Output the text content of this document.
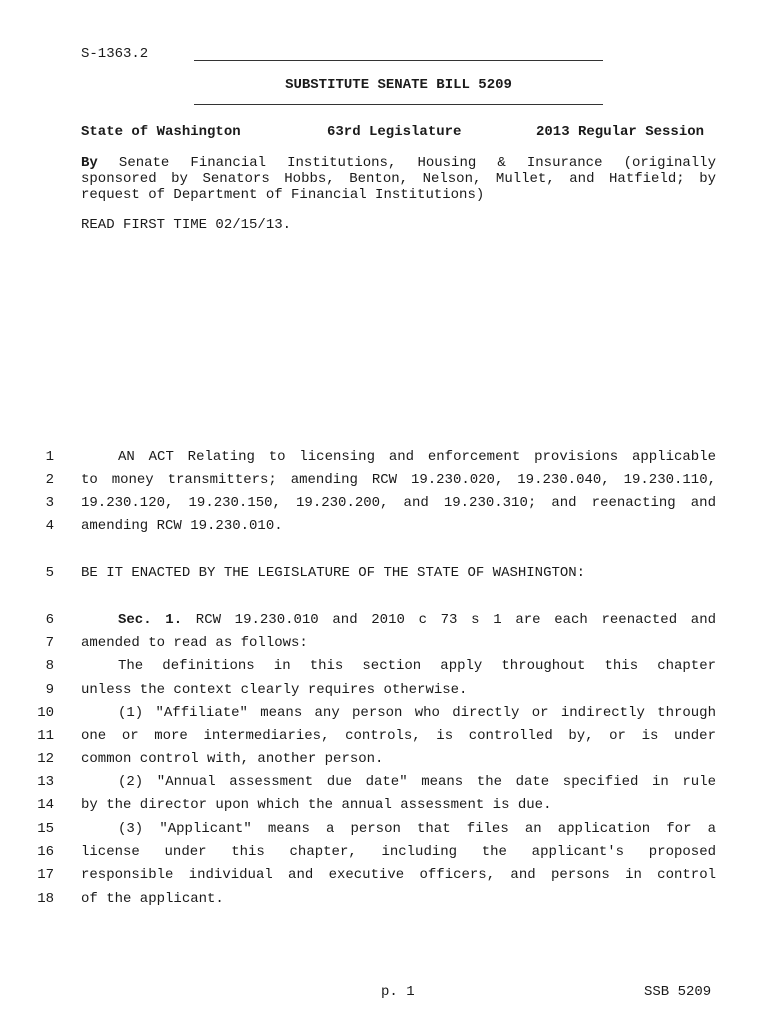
S-1363.2
SUBSTITUTE SENATE BILL 5209
State of Washington	63rd Legislature	2013 Regular Session
By Senate Financial Institutions, Housing & Insurance (originally
sponsored by Senators Hobbs, Benton, Nelson, Mullet, and Hatfield; by
request of Department of Financial Institutions)
READ FIRST TIME 02/15/13.
1	AN ACT Relating to licensing and enforcement provisions applicable
2 to money transmitters; amending RCW 19.230.020, 19.230.040, 19.230.110,
3 19.230.120, 19.230.150, 19.230.200, and 19.230.310; and reenacting and
4 amending RCW 19.230.010.
5 BE IT ENACTED BY THE LEGISLATURE OF THE STATE OF WASHINGTON:
6	Sec. 1. RCW 19.230.010 and 2010 c 73 s 1 are each reenacted and
7 amended to read as follows:
8	The definitions in this section apply throughout this chapter
9 unless the context clearly requires otherwise.
10	(1) "Affiliate" means any person who directly or indirectly through
11 one or more intermediaries, controls, is controlled by, or is under
12 common control with, another person.
13	(2) "Annual assessment due date" means the date specified in rule
14 by the director upon which the annual assessment is due.
15	(3) "Applicant" means a person that files an application for a
16 license under this chapter, including the applicant's proposed
17 responsible individual and executive officers, and persons in control
18 of the applicant.
p. 1	SSB 5209
